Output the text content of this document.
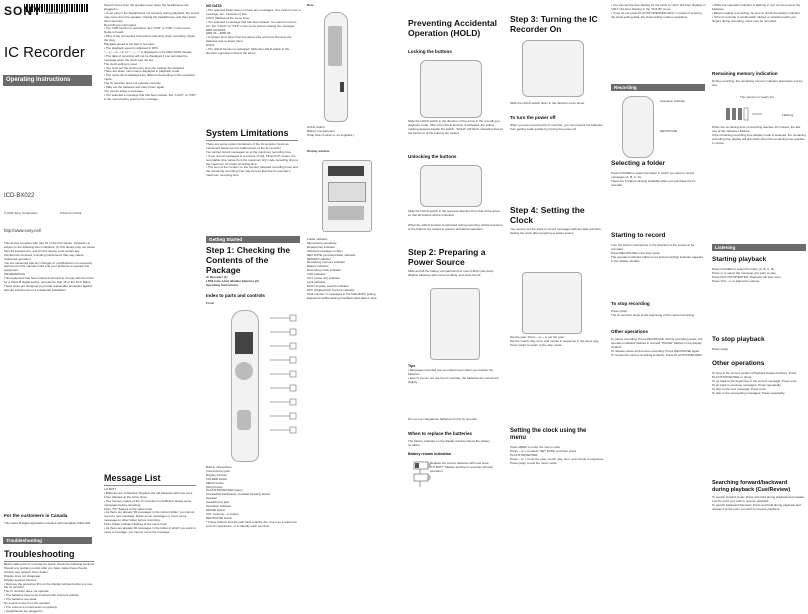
4-281-551-11 (1)
SONY
IC Recorder
Operating Instructions
ICD-BX022
© 2011 Sony Corporation	Printed in China
http://www.sony.net/
This device complies with part 15 of the FCC Rules. Operation is subject to the following two conditions: (1) this device may not cause harmful interference, and (2) this device must accept any interference received, including interference that may cause undesired operation.
You are cautioned that any changes or modifications not expressly approved in this manual could void your authority to operate this equipment.
INFORMATION
This equipment has been tested and found to comply with the limits for a Class B digital device, pursuant to Part 15 of the FCC Rules. These limits are designed to provide reasonable protection against harmful interference in a residential installation.
For the customers in Canada
This Class B digital apparatus complies with Canadian ICES-003.
Troubleshooting
Troubleshooting
Before taking the IC recorder for repair, check the following sections. Should any problem persist after you have made these checks, consult your nearest Sony dealer.
Display does not disappear.
Display appears blurred.
• Remove the protective film on the display window before you use the IC recorder.
The IC recorder does not operate.
• The batteries have been inserted with incorrect polarity.
• The batteries are weak.
No sound comes from the speaker.
• The volume is turned down completely.
• Headphones are plugged in.
Sound comes from the speaker even when the headphones are plugged in.
• If you plug in the headphones not securely during playback, the sound may come from the speaker. Unplug the headphones, and then insert them securely.
Recording is interrupted.
• The VOR function is activated. Set "VOR" to "OFF" in the menu.
Noise is heard.
• Plug of the connected microphone was dirty when recording. Clean the plug.
Playback speed is too fast or too slow.
• The playback speed is adjusted in DPC.
"– –y– –m– –d" or "– –:– –" is displayed on the REC DATE display.
• The date of recording will not be displayed if you recorded the message when the clock was not set.
The clock setting is reset.
• You must set the clock every time you replace the batteries.
There are fewer menu items displayed in playback mode.
• The menu items displayed are different depending on the operation mode.
The IC recorder does not operate correctly.
• Take out the batteries and insert them again.
You cannot erase a message.
• You selected a message that has been locked. Set "LOCK" to "OFF" in the menu before erasing the message.
Message List
LO BATT
• Batteries are exhausted. Replace the old batteries with new ones.
FULL (flashes at the same time)
• The memory space of the IC recorder is insufficient. Erase some messages before recording.
FULL "FF" flashes at the same time)
• As there are already 99 messages in the current folder, you cannot record a new message. Erase some messages or move some messages to other folder before recording.
FULL (folder indicator flashes at the same time)
• As there are already 99 messages in the folder in which you want to move a message, you cannot move the message.
NO DATA
• The selected folder does not have any messages. You cannot move a message, etc., because of this.
LOCK (flashes at the same time)
• You selected a message that has been locked. You cannot move it, etc. Set "LOCK" to "OFF" in the menu before erasing the message.
ERR ACCESS
ERR 01 – ERR 06
• A system error other than the above has occurred. Remove the batteries and re-insert them.
HOLD
• The HOLD function is activated. Slide the HOLD switch in the direction opposite to that of the arrow.
System Limitations
There are some system limitations of the IC recorder. Items as mentioned below are not malfunctions of the IC recorder.
You cannot record messages up to the maximum recording time.
• If you record messages in a mixture of HQ, SP and LP modes, the recordable time varies from the maximum HQ mode recording time to the maximum LP mode recording time.
• The sum of the number on the counter (elapsed recording time) and the remaining recording time may be less than the IC recorder's maximum recording time.
Getting Started
Step 1: Checking the Contents of the Package
IC Recorder (1)
LR03 (size AAA) alkaline batteries (2)
Operating Instructions
Index to parts and controls
Front
Built-in microphone
(microphone) jack
Display window
FOLDER button
MENU button
(stop) button
PLAY/STOP/ENTER button
(review/fast backward), (cue/fast forward) button
Speaker
(headphone) jack
Operation indicator
ERASE button
VOL (volume) –/+ button
REC/PAUSE button
* These buttons and the jack have a tactile dot. Use it as a reference point for operations, or to identify each terminal.
Rear
HOLD switch
Battery compartment
Strap hole (A strap is not supplied.)
Display window
Folder indicator
Microphone sensitivity
Repeat play indicator
Selected message number
REC DATE (recorded date) indicator
REMAIN indicator
Remaining memory indicator
Battery indicator
Recording mode indicator
VOR indicator
CUT (noise cut) indicator
Lock indicator
EASY-S (easy search) indicator
DPC (Digital Pitch Control) indicator
Total number of messages in the folder/DPC setting
Elapsed time/Remaining time/Recorded date or time
Preventing Accidental Operation (HOLD)
Locking the buttons
Slide the HOLD switch in the direction of the arrow in the recording or playback mode. When the HOLD function is activated, the yellow marking appears beside the switch. "HOLD" will flash, indicating that all the functions of the buttons are locked.
Unlocking the buttons
Slide the HOLD switch in the opposite direction from that of the arrow so that all buttons will be unlocked.
When the HOLD function is activated during recording, all the functions of the buttons are locked to prevent accidental operation.
Step 2: Preparing a Power Source
Slide and lift the battery compartment lid, insert LR03 (size AAA) alkaline batteries with correct polarity, and close the lid.
Tips
• Messages recorded are not erased even when you replace the batteries.
• Even if you do not use the IC recorder, the batteries are consumed slightly.
Do not use manganese batteries for this IC recorder.
When to replace the batteries
The battery indicator on the display window shows the battery condition.
Battery remain indication
Replace the current batteries with new ones.
"LO BATT" flashes and the IC recorder will stop operation.
Step 3: Turning the IC Recorder On
Slide the HOLD switch down in the direction of an arrow.
To turn the power off
When you are not using the IC recorder, you can prevent the batteries from getting weak quickly by turning the power off.
Step 4: Setting the Clock
You need to set the clock to record messages with the date and time.
Setting the clock after preparing a power source
Set the year. Press – or + to set the year.
Set the month, day, hour, and minute in sequence in the same way.
Press (stop) to return to the stop mode.
Setting the clock using the menu
Press MENU to enter the menu mode.
Press – or + to select "SET DATE" and then press PLAY/STOP/ENTER.
Press – or + to set the year, month, day, hour, and minute in sequence.
Press (stop) to exit the menu mode.
• You can set the time display for the clock to "12H" (12-hour display) or "24H" (24-hour display) in the "HOUR" menu.
• If you do not press PLAY/STOP/ENTER within 1 minute of entering the clock setting data, the clock setting mode is canceled.
Recording
Operation indicator
REC/PAUSE
Selecting a folder
Press FOLDER to select the folder in which you want to record messages (A, B, C, D).
There are 5 folders already available when you purchase the IC recorder.
Starting to record
Turn the built-in microphone in the direction of the source to be recorded.
Press REC/PAUSE in the stop mode.
The operation indicator lights in red and (recording) indicator appears in the display window.
To stop recording
Press (stop).
The IC recorder stops at the beginning of the current recording.
Other operations
To pause recording: Press REC/PAUSE. During recording pause, the operation indicator flashes in red and "PAUSE" flashes in the display window.
To release pause and resume recording: Press REC/PAUSE again.
To review the current recording instantly: Press PLAY/STOP/ENTER.
• While the operation indicator is flashing in red, do not remove the batteries.
• Before making a recording, be sure to check the battery indicator.
• If the IC recorder is accidentally rubbed or scratched with your fingers during recording, noise may be recorded.
Remaining memory indication
During recording, the remaining memory indicator decreases one by one.
The memory is nearly full.
Flashing
When the remaining time of recording reaches 10 minutes, the last one of the indicators flashes.
If the remaining recording time display mode is selected, the remaining recording time display will also flash when the remaining time reaches 1 minute.
Listening
Starting playback
Press FOLDER to select the folder (A, B, C, D).
Press or to select the message you want to play.
Press PLAY/STOP/ENTER. Playback will start soon.
Press VOL –/+ to adjust the volume.
To stop playback
Press (stop).
Other operations
To stop at the current position (Playback Pause function): Press PLAY/STOP/ENTER or (stop).
To go back to the beginning of the current message: Press once.
To go back to previous messages: Press repeatedly.
To skip to the next message: Press once.
To skip to the succeeding messages: Press repeatedly.
Searching forward/backward during playback (Cue/Review)
To search forward (Cue): Press and hold during playback and release it at the point you wish to resume playback.
To search backward (Review): Press and hold during playback and release it at the point you wish to resume playback.
